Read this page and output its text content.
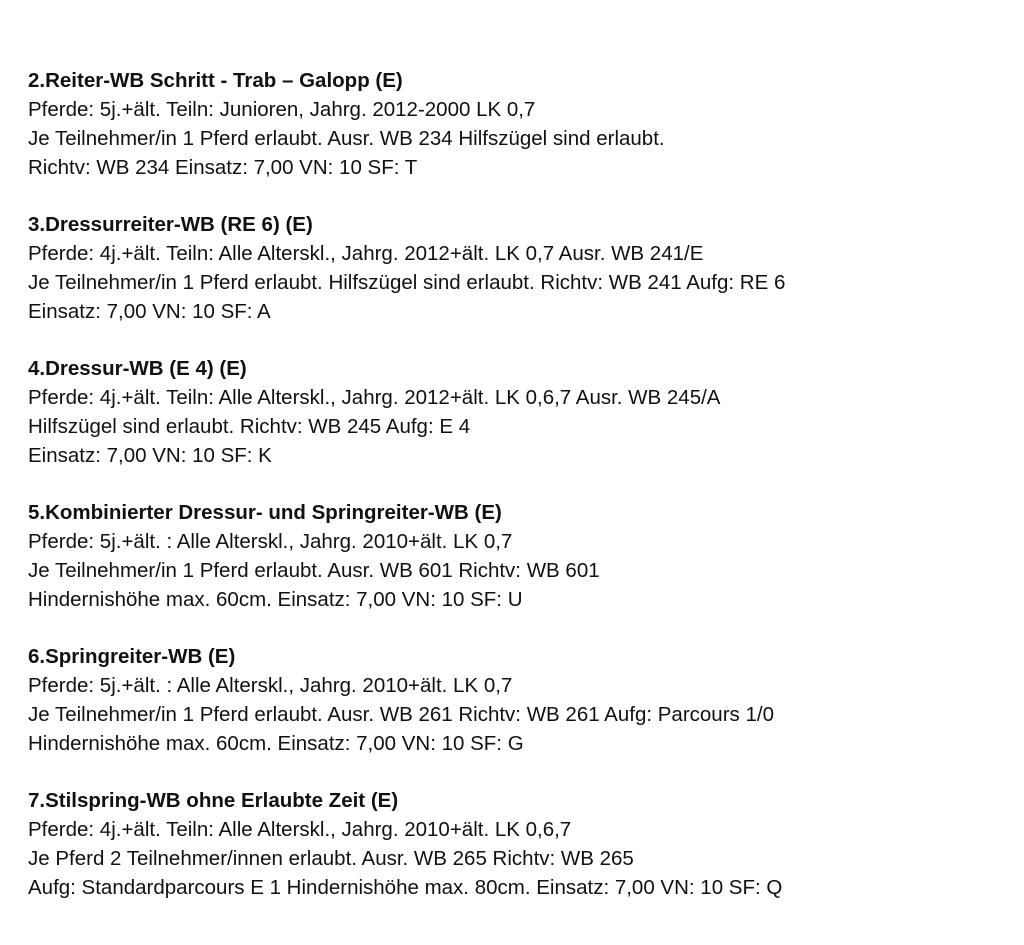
2.Reiter-WB Schritt - Trab – Galopp (E)
Pferde: 5j.+ält. Teiln: Junioren, Jahrg. 2012-2000 LK 0,7
Je Teilnehmer/in 1 Pferd erlaubt. Ausr. WB 234 Hilfszügel sind erlaubt.
Richtv: WB 234 Einsatz: 7,00 VN: 10 SF: T
3.Dressurreiter-WB (RE 6) (E)
Pferde: 4j.+ält. Teiln: Alle Alterskl., Jahrg. 2012+ält. LK 0,7 Ausr. WB 241/E
Je Teilnehmer/in 1 Pferd erlaubt. Hilfszügel sind erlaubt. Richtv: WB 241 Aufg: RE 6
Einsatz: 7,00 VN: 10 SF: A
4.Dressur-WB (E 4) (E)
Pferde: 4j.+ält. Teiln: Alle Alterskl., Jahrg. 2012+ält. LK 0,6,7 Ausr. WB 245/A
Hilfszügel sind erlaubt. Richtv: WB 245 Aufg: E 4
Einsatz: 7,00 VN: 10 SF: K
5.Kombinierter Dressur- und Springreiter-WB (E)
Pferde: 5j.+ält. : Alle Alterskl., Jahrg. 2010+ält. LK 0,7
Je Teilnehmer/in 1 Pferd erlaubt. Ausr. WB 601 Richtv: WB 601
Hindernishöhe max. 60cm. Einsatz: 7,00 VN: 10 SF: U
6.Springreiter-WB (E)
Pferde: 5j.+ält. : Alle Alterskl., Jahrg. 2010+ält. LK 0,7
Je Teilnehmer/in 1 Pferd erlaubt. Ausr. WB 261 Richtv: WB 261 Aufg: Parcours 1/0
Hindernishöhe max. 60cm. Einsatz: 7,00 VN: 10 SF: G
7.Stilspring-WB ohne Erlaubte Zeit (E)
Pferde: 4j.+ält. Teiln: Alle Alterskl., Jahrg. 2010+ält. LK 0,6,7
Je Pferd 2 Teilnehmer/innen erlaubt. Ausr. WB 265 Richtv: WB 265
Aufg: Standardparcours E 1 Hindernishöhe max. 80cm. Einsatz: 7,00 VN: 10 SF: Q
